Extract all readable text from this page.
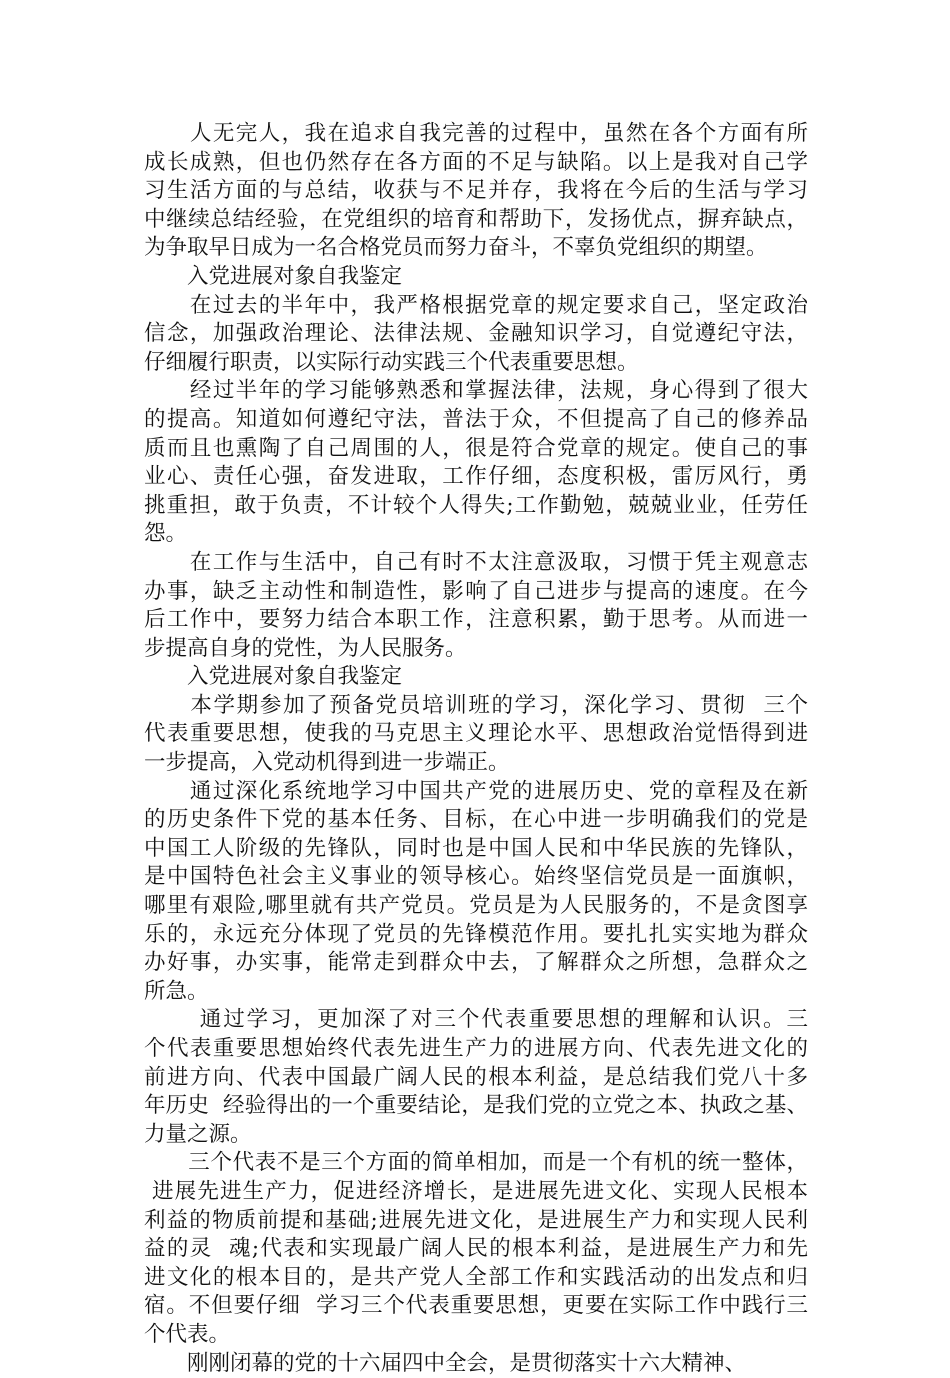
　　人无完人，我在追求自我完善的过程中，虽然在各个方面有所
成长成熟，但也仍然存在各方面的不足与缺陷。以上是我对自己学
习生活方面的与总结，收获与不足并存，我将在今后的生活与学习
中继续总结经验，在党组织的培育和帮助下，发扬优点，摒弃缺点，
为争取早日成为一名合格党员而努力奋斗，不辜负党组织的期望。
　　入党进展对象自我鉴定
　　在过去的半年中，我严格根据党章的规定要求自己，坚定政治
信念，加强政治理论、法律法规、金融知识学习，自觉遵纪守法，
仔细履行职责，以实际行动实践三个代表重要思想。
　　经过半年的学习能够熟悉和掌握法律，法规，身心得到了很大
的提高。知道如何遵纪守法，普法于众，不但提高了自己的修养品
质而且也熏陶了自己周围的人，很是符合党章的规定。使自己的事
业心、责任心强，奋发进取，工作仔细，态度积极，雷厉风行，勇
挑重担，敢于负责，不计较个人得失;工作勤勉，兢兢业业，任劳任
怨。
　　在工作与生活中，自己有时不太注意汲取，习惯于凭主观意志
办事，缺乏主动性和制造性，影响了自己进步与提高的速度。在今
后工作中，要努力结合本职工作，注意积累，勤于思考。从而进一
步提高自身的党性，为人民服务。
　　入党进展对象自我鉴定
　　本学期参加了预备党员培训班的学习，深化学习、贯彻  三个
代表重要思想，使我的马克思主义理论水平、思想政治觉悟得到进
一步提高，入党动机得到进一步端正。
　　通过深化系统地学习中国共产党的进展历史、党的章程及在新
的历史条件下党的基本任务、目标，在心中进一步明确我们的党是
中国工人阶级的先锋队，同时也是中国人民和中华民族的先锋队，
是中国特色社会主义事业的领导核心。始终坚信党员是一面旗帜，
哪里有艰险,哪里就有共产党员。党员是为人民服务的，不是贪图享
乐的，永远充分体现了党员的先锋模范作用。要扎扎实实地为群众
办好事，办实事，能常走到群众中去，了解群众之所想，急群众之
所急。
　　 通过学习，更加深了对三个代表重要思想的理解和认识。三
个代表重要思想始终代表先进生产力的进展方向、代表先进文化的
前进方向、代表中国最广阔人民的根本利益，是总结我们党八十多
年历史  经验得出的一个重要结论，是我们党的立党之本、执政之基、
力量之源。
　　三个代表不是三个方面的简单相加，而是一个有机的统一整体，
进展先进生产力，促进经济增长，是进展先进文化、实现人民根本
利益的物质前提和基础;进展先进文化，是进展生产力和实现人民利
益的灵  魂;代表和实现最广阔人民的根本利益，是进展生产力和先
进文化的根本目的，是共产党人全部工作和实践活动的出发点和归
宿。不但要仔细  学习三个代表重要思想，更要在实际工作中践行三
个代表。
　　刚刚闭幕的党的十六届四中全会，是贯彻落实十六大精神、
